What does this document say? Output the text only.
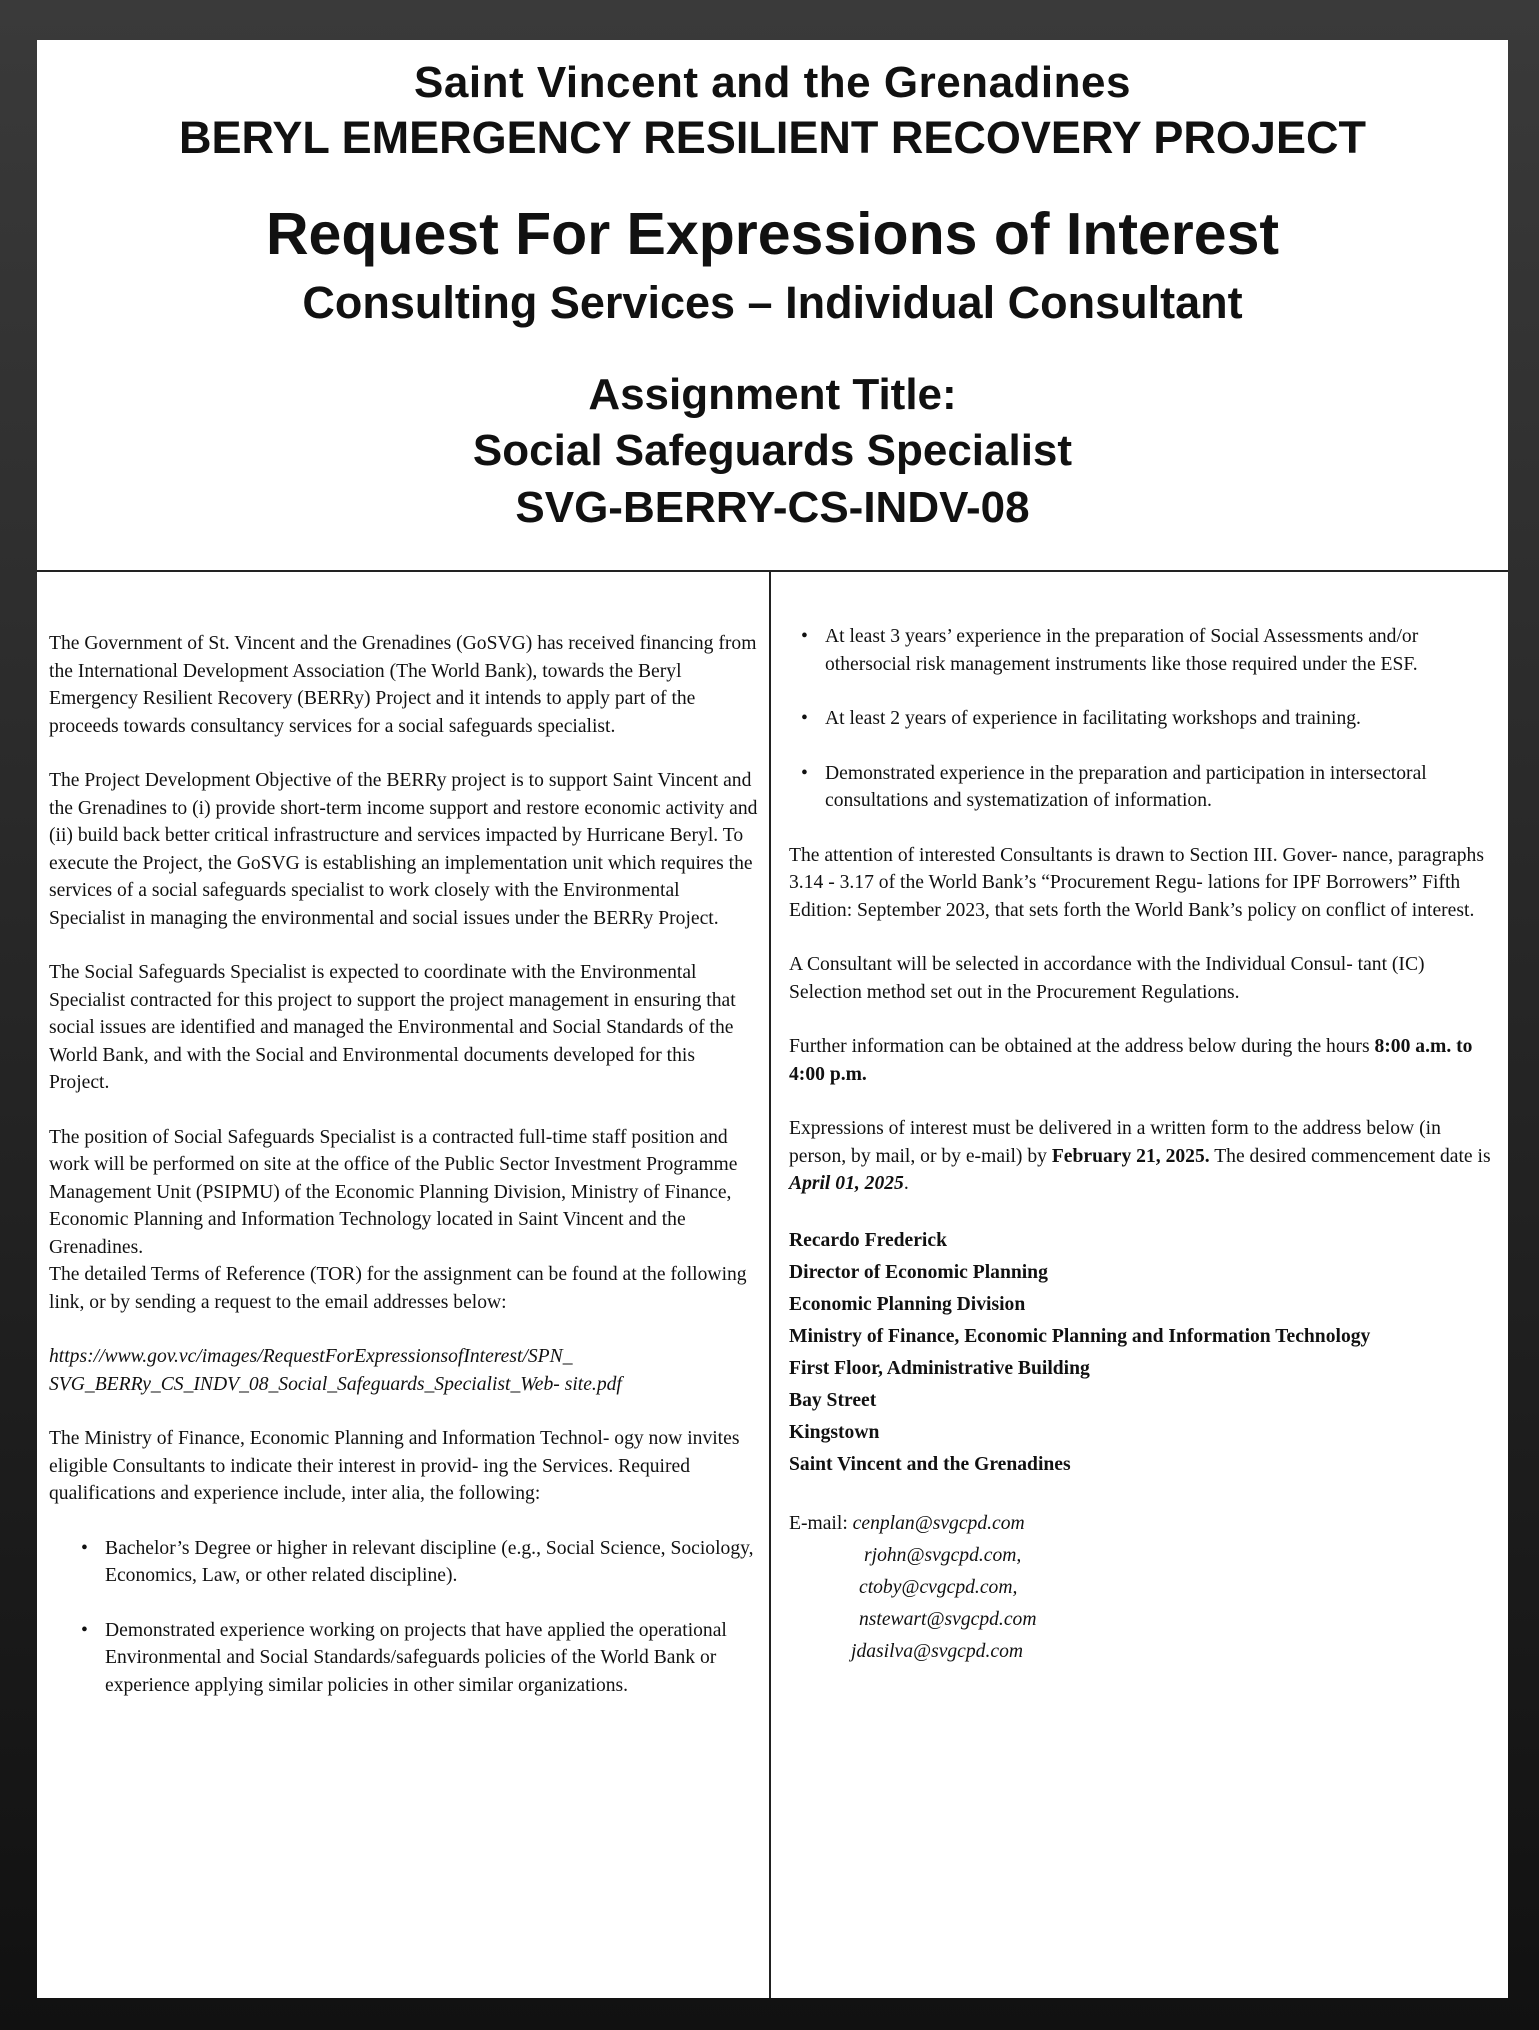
Saint Vincent and the Grenadines
BERYL EMERGENCY RESILIENT RECOVERY PROJECT
Request For Expressions of Interest
Consulting Services – Individual Consultant
Assignment Title:
Social Safeguards Specialist
SVG-BERRY-CS-INDV-08

The Government of St. Vincent and the Grenadines (GoSVG) has received financing from the International Development Association (The World Bank), towards the Beryl Emergency Resilient Recovery (BERRy) Project and it intends to apply part of the proceeds towards consultancy services for a social safeguards specialist.

The Project Development Objective of the BERRy project is to support Saint Vincent and the Grenadines to (i) provide short-term income support and restore economic activity and (ii) build back better critical infrastructure and services impacted by Hurricane Beryl. To execute the Project, the GoSVG is establishing an implementation unit which requires the services of a social safeguards specialist to work closely with the Environmental Specialist in managing the environmental and social issues under the BERRy Project.

The Social Safeguards Specialist is expected to coordinate with the Environmental Specialist contracted for this project to support the project management in ensuring that social issues are identified and managed the Environmental and Social Standards of the World Bank, and with the Social and Environmental documents developed for this Project.

The position of Social Safeguards Specialist is a contracted full-time staff position and work will be performed on site at the office of the Public Sector Investment Programme Management Unit (PSIPMU) of the Economic Planning Division, Ministry of Finance, Economic Planning and Information Technology located in Saint Vincent and the Grenadines.

The detailed Terms of Reference (TOR) for the assignment can be found at the following link, or by sending a request to the email addresses below:

https://www.gov.vc/images/RequestForExpressionsofInterest/SPN_ SVG_BERRy_CS_INDV_08_Social_Safeguards_Specialist_Web- site.pdf

The Ministry of Finance, Economic Planning and Information Technol- ogy now invites eligible Consultants to indicate their interest in provid- ing the Services. Required qualifications and experience include, inter alia, the following:

• Bachelor’s Degree or higher in relevant discipline (e.g., Social Science, Sociology, Economics, Law, or other related discipline).
• Demonstrated experience working on projects that have applied the operational Environmental and Social Standards/safeguards policies of the World Bank or experience applying similar policies in other similar organizations.
• At least 3 years’ experience in the preparation of Social Assessments and/or othersocial risk management instruments like those required under the ESF.
• At least 2 years of experience in facilitating workshops and training.
• Demonstrated experience in the preparation and participation in intersectoral consultations and systematization of information.

The attention of interested Consultants is drawn to Section III. Gover- nance, paragraphs 3.14 - 3.17 of the World Bank’s “Procurement Regu- lations for IPF Borrowers” Fifth Edition: September 2023, that sets forth the World Bank’s policy on conflict of interest.

A Consultant will be selected in accordance with the Individual Consul- tant (IC) Selection method set out in the Procurement Regulations.

Further information can be obtained at the address below during the hours 8:00 a.m. to 4:00 p.m.

Expressions of interest must be delivered in a written form to the address below (in person, by mail, or by e-mail) by February 21, 2025. The desired commencement date is April 01, 2025.

Recardo Frederick
Director of Economic Planning
Economic Planning Division
Ministry of Finance, Economic Planning and Information Technology
First Floor, Administrative Building
Bay Street
Kingstown
Saint Vincent and the Grenadines
E-mail: cenplan@svgcpd.com
rjohn@svgcpd.com,
ctoby@cvgcpd.com,
nstewart@svgcpd.com
jdasilva@svgcpd.com
